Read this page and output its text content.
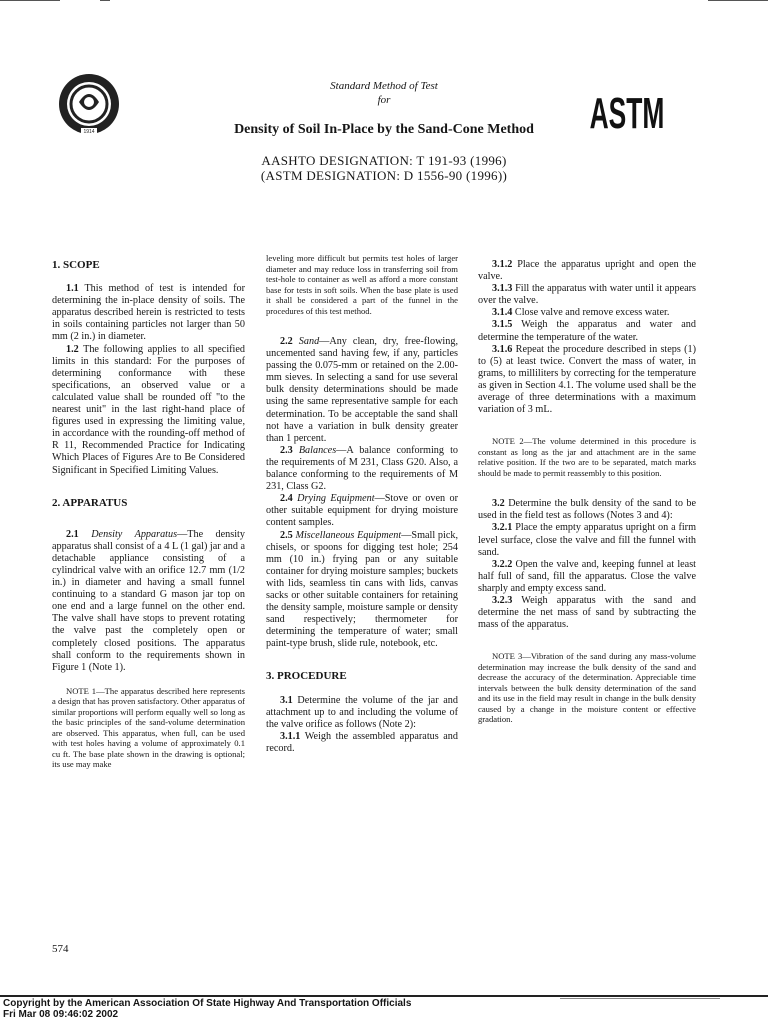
1914	ASTM
Standard Method of Test
for
Density of Soil In-Place by the Sand-Cone Method
AASHTO DESIGNATION: T 191-93 (1996)
(ASTM DESIGNATION: D 1556-90 (1996))
1. SCOPE

1.1 This method of test is intended for determining the in-place density of soils. The apparatus described herein is restricted to tests in soils containing particles not larger than 50 mm (2 in.) in diameter.

1.2 The following applies to all specified limits in this standard: For the purposes of determining conformance with these specifications, an observed value or a calculated value shall be rounded off "to the nearest unit" in the last right-hand place of figures used in expressing the limiting value, in accordance with the rounding-off method of R 11, Recommended Practice for Indicating Which Places of Figures Are to Be Considered Significant in Specified Limiting Values.

2. APPARATUS

2.1 Density Apparatus—The density apparatus shall consist of a 4 L (1 gal) jar and a detachable appliance consisting of a cylindrical valve with an orifice 12.7 mm (1/2 in.) in diameter and having a small funnel continuing to a standard G mason jar top on one end and a large funnel on the other end. The valve shall have stops to prevent rotating the valve past the completely open or completely closed positions. The apparatus shall conform to the requirements shown in Figure 1 (Note 1).

NOTE 1—The apparatus described here represents a design that has proven satisfactory. Other apparatus of similar proportions will perform equally well so long as the basic principles of the sand-volume determination are observed. This apparatus, when full, can be used with test holes having a volume of approximately 0.1 cu ft. The base plate shown in the drawing is optional; its use may make

leveling more difficult but permits test holes of larger diameter and may reduce loss in transferring soil from test-hole to container as well as afford a more constant base for tests in soft soils. When the base plate is used it shall be considered a part of the funnel in the procedures of this test method.

2.2 Sand—Any clean, dry, free-flowing, uncemented sand having few, if any, particles passing the 0.075-mm or retained on the 2.00-mm sieves. In selecting a sand for use several bulk density determinations should be made using the same representative sample for each determination. To be acceptable the sand shall not have a variation in bulk density greater than 1 percent.

2.3 Balances—A balance conforming to the requirements of M 231, Class G20. Also, a balance conforming to the requirements of M 231, Class G2.

2.4 Drying Equipment—Stove or oven or other suitable equipment for drying moisture content samples.

2.5 Miscellaneous Equipment—Small pick, chisels, or spoons for digging test hole; 254 mm (10 in.) frying pan or any suitable container for drying moisture samples; buckets with lids, seamless tin cans with lids, canvas sacks or other suitable containers for retaining the density sample, moisture sample or density sand respectively; thermometer for determining the temperature of water; small paint-type brush, slide rule, notebook, etc.

3. PROCEDURE

3.1 Determine the volume of the jar and attachment up to and including the volume of the valve orifice as follows (Note 2):

3.1.1 Weigh the assembled apparatus and record.

3.1.2 Place the apparatus upright and open the valve.

3.1.3 Fill the apparatus with water until it appears over the valve.

3.1.4 Close valve and remove excess water.

3.1.5 Weigh the apparatus and water and determine the temperature of the water.

3.1.6 Repeat the procedure described in steps (1) to (5) at least twice. Convert the mass of water, in grams, to milliliters by correcting for the temperature as given in Section 4.1. The volume used shall be the average of three determinations with a maximum variation of 3 mL.

NOTE 2—The volume determined in this procedure is constant as long as the jar and attachment are in the same relative position. If the two are to be separated, match marks should be made to permit reassembly to this position.

3.2 Determine the bulk density of the sand to be used in the field test as follows (Notes 3 and 4):

3.2.1 Place the empty apparatus upright on a firm level surface, close the valve and fill the funnel with sand.

3.2.2 Open the valve and, keeping funnel at least half full of sand, fill the apparatus. Close the valve sharply and empty excess sand.

3.2.3 Weigh apparatus with the sand and determine the net mass of sand by subtracting the mass of the apparatus.

NOTE 3—Vibration of the sand during any mass-volume determination may increase the bulk density of the sand and decrease the accuracy of the determination. Appreciable time intervals between the bulk density determination of the sand and its use in the field may result in change in the bulk density caused by a change in the moisture content or effective gradation.

574
Copyright by the American Association Of State Highway And Transportation Officials
Fri Mar 08 09:46:02 2002
